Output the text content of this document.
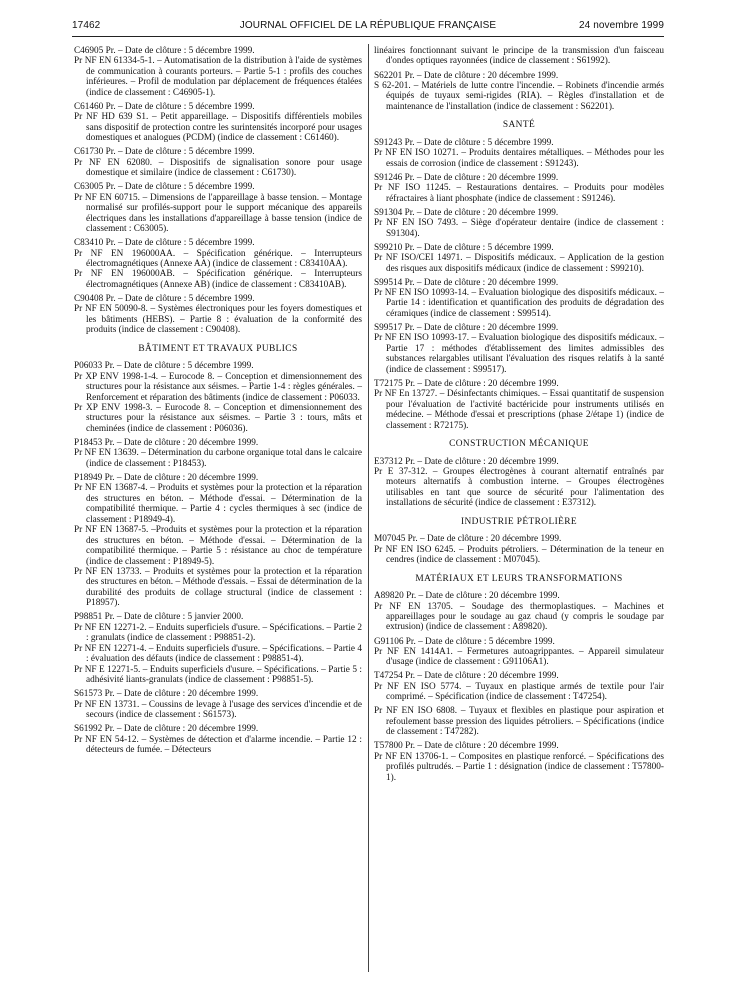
17462	JOURNAL OFFICIEL DE LA RÉPUBLIQUE FRANÇAISE	24 novembre 1999

C46905 Pr. – Date de clôture : 5 décembre 1999.

Pr NF EN 61334-5-1. – Automatisation de la distribution à l'aide de systèmes de communication à courants porteurs. – Partie 5-1 : profils des couches inférieures. – Profil de modulation par déplacement de fréquences étalées (indice de classement : C46905-1).

C61460 Pr. – Date de clôture : 5 décembre 1999.

Pr NF HD 639 S1. – Petit appareillage. – Dispositifs différentiels mobiles sans dispositif de protection contre les surintensités incorporé pour usages domestiques et analogues (PCDM) (indice de classement : C61460).

C61730 Pr. – Date de clôture : 5 décembre 1999.

Pr NF EN 62080. – Dispositifs de signalisation sonore pour usage domestique et similaire (indice de classement : C61730).

C63005 Pr. – Date de clôture : 5 décembre 1999.

Pr NF EN 60715. – Dimensions de l'appareillage à basse tension. – Montage normalisé sur profilés-support pour le support mécanique des appareils électriques dans les installations d'appareillage à basse tension (indice de classement : C63005).

C83410 Pr. – Date de clôture : 5 décembre 1999.

Pr NF EN 196000AA. – Spécification générique. – Interrupteurs électromagnétiques (Annexe AA) (indice de classement : C83410AA).

Pr NF EN 196000AB. – Spécification générique. – Interrupteurs électromagnétiques (Annexe AB) (indice de classement : C83410AB).

C90408 Pr. – Date de clôture : 5 décembre 1999.

Pr NF EN 50090-8. – Systèmes électroniques pour les foyers domestiques et les bâtiments (HEBS). – Partie 8 : évaluation de la conformité des produits (indice de classement : C90408).

BÂTIMENT ET TRAVAUX PUBLICS

P06033 Pr. – Date de clôture : 5 décembre 1999.

Pr XP ENV 1998-1-4. – Eurocode 8. – Conception et dimensionnement des structures pour la résistance aux séismes. – Partie 1-4 : règles générales. – Renforcement et réparation des bâtiments (indice de classement : P06033.

Pr XP ENV 1998-3. – Eurocode 8. – Conception et dimensionnement des structures pour la résistance aux séismes. – Partie 3 : tours, mâts et cheminées (indice de classement : P06036).

P18453 Pr. – Date de clôture : 20 décembre 1999.

Pr NF EN 13639. – Détermination du carbone organique total dans le calcaire (indice de classement : P18453).

P18949 Pr. – Date de clôture : 20 décembre 1999.

Pr NF EN 13687-4. – Produits et systèmes pour la protection et la réparation des structures en béton. – Méthode d'essai. – Détermination de la compatibilité thermique. – Partie 4 : cycles thermiques à sec (indice de classement : P18949-4).

Pr NF EN 13687-5. –Produits et systèmes pour la protection et la réparation des structures en béton. – Méthode d'essai. – Détermination de la compatibilité thermique. – Partie 5 : résistance au choc de température (indice de classement : P18949-5).

Pr NF EN 13733. – Produits et systèmes pour la protection et la réparation des structures en béton. – Méthode d'essais. – Essai de détermination de la durabilité des produits de collage structural (indice de classement : P18957).

P98851 Pr. – Date de clôture : 5 janvier 2000.

Pr NF EN 12271-2. – Enduits superficiels d'usure. – Spécifications. – Partie 2 : granulats (indice de classement : P98851-2).

Pr NF EN 12271-4. – Enduits superficiels d'usure. – Spécifications. – Partie 4 : évaluation des défauts (indice de classement : P98851-4).

Pr NF E 12271-5. – Enduits superficiels d'usure. – Spécifications. – Partie 5 : adhésivité liants-granulats (indice de classement : P98851-5).

S61573 Pr. – Date de clôture : 20 décembre 1999.

Pr NF EN 13731. – Coussins de levage à l'usage des services d'incendie et de secours (indice de classement : S61573).

S61992 Pr. – Date de clôture : 20 décembre 1999.

Pr NF EN 54-12. – Systèmes de détection et d'alarme incendie. – Partie 12 : détecteurs de fumée. – Détecteurs

linéaires fonctionnant suivant le principe de la transmission d'un faisceau d'ondes optiques rayonnées (indice de classement : S61992).

S62201 Pr. – Date de clôture : 20 décembre 1999.

S 62-201. – Matériels de lutte contre l'incendie. – Robinets d'incendie armés équipés de tuyaux semi-rigides (RIA). – Règles d'installation et de maintenance de l'installation (indice de classement : S62201).

SANTÉ

S91243 Pr. – Date de clôture : 5 décembre 1999.

Pr NF EN ISO 10271. – Produits dentaires métalliques. – Méthodes pour les essais de corrosion (indice de classement : S91243).

S91246 Pr. – Date de clôture : 20 décembre 1999.

Pr NF ISO 11245. – Restaurations dentaires. – Produits pour modèles réfractaires à liant phosphate (indice de classement : S91246).

S91304 Pr. – Date de clôture : 20 décembre 1999.

Pr NF EN ISO 7493. – Siège d'opérateur dentaire (indice de classement : S91304).

S99210 Pr. – Date de clôture : 5 décembre 1999.

Pr NF ISO/CEI 14971. – Dispositifs médicaux. – Application de la gestion des risques aux dispositifs médicaux (indice de classement : S99210).

S99514 Pr. – Date de clôture : 20 décembre 1999.

Pr NF EN ISO 10993-14. – Evaluation biologique des dispositifs médicaux. – Partie 14 : identification et quantification des produits de dégradation des céramiques (indice de classement : S99514).

S99517 Pr. – Date de clôture : 20 décembre 1999.

Pr NF EN ISO 10993-17. – Evaluation biologique des dispositifs médicaux. – Partie 17 : méthodes d'établissement des limites admissibles des substances relargables utilisant l'évaluation des risques relatifs à la santé (indice de classement : S99517).

T72175 Pr. – Date de clôture : 20 décembre 1999.

Pr NF En 13727. – Désinfectants chimiques. – Essai quantitatif de suspension pour l'évaluation de l'activité bactéricide pour instruments utilisés en médecine. – Méthode d'essai et prescriptions (phase 2/étape 1) (indice de classement : R72175).

CONSTRUCTION MÉCANIQUE

E37312 Pr. – Date de clôture : 20 décembre 1999.

Pr E 37-312. – Groupes électrogènes à courant alternatif entraînés par moteurs alternatifs à combustion interne. – Groupes électrogènes utilisables en tant que source de sécurité pour l'alimentation des installations de sécurité (indice de classement : E37312).

INDUSTRIE PÉTROLIÈRE

M07045 Pr. – Date de clôture : 20 décembre 1999.

Pr NF EN ISO 6245. – Produits pétroliers. – Détermination de la teneur en cendres (indice de classement : M07045).

MATÉRIAUX ET LEURS TRANSFORMATIONS

A89820 Pr. – Date de clôture : 20 décembre 1999.

Pr NF EN 13705. – Soudage des thermoplastiques. – Machines et appareillages pour le soudage au gaz chaud (y compris le soudage par extrusion) (indice de classement : A89820).

G91106 Pr. – Date de clôture : 5 décembre 1999.

Pr NF EN 1414A1. – Fermetures autoagrippantes. – Appareil simulateur d'usage (indice de classement : G91106A1).

T47254 Pr. – Date de clôture : 20 décembre 1999.

Pr NF EN ISO 5774. – Tuyaux en plastique armés de textile pour l'air comprimé. – Spécification (indice de classement : T47254).

Pr NF EN ISO 6808. – Tuyaux et flexibles en plastique pour aspiration et refoulement basse pression des liquides pétroliers. – Spécifications (indice de classement : T47282).

T57800 Pr. – Date de clôture : 20 décembre 1999.

Pr NF EN 13706-1. – Composites en plastique renforcé. – Spécifications des profilés pultrudés. – Partie 1 : désignation (indice de classement : T57800-1).
